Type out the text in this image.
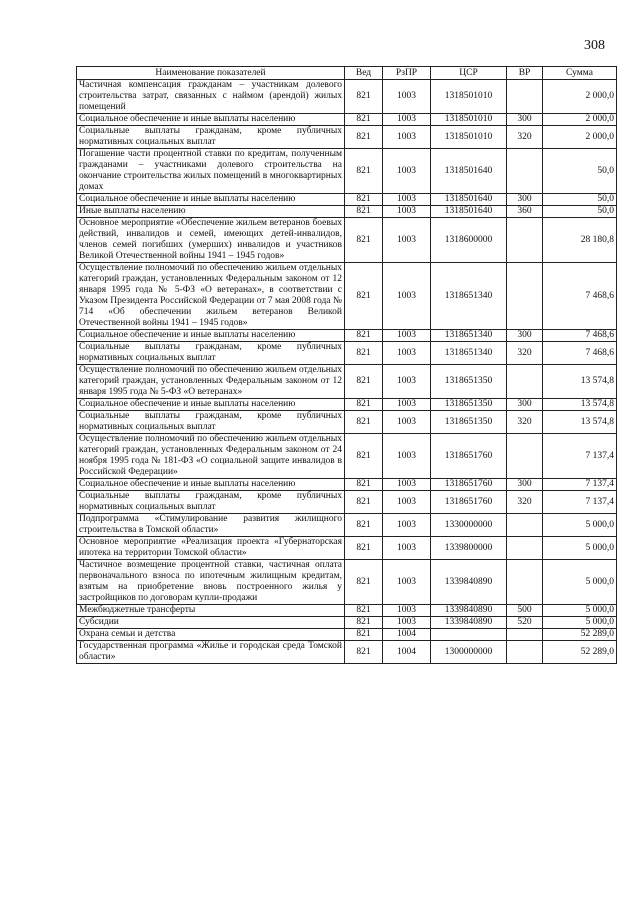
308
Наименование показателей	Вед	РзПР	ЦСР	ВР	Сумма
Частичная компенсация гражданам – участникам долевого строительства затрат, связанных с наймом (арендой) жилых помещений	821	1003	1318501010		2 000,0
Социальное обеспечение и иные выплаты населению	821	1003	1318501010	300	2 000,0
Социальные выплаты гражданам, кроме публичных нормативных социальных выплат	821	1003	1318501010	320	2 000,0
Погашение части процентной ставки по кредитам, полученным гражданами – участниками долевого строительства на окончание строительства жилых помещений в многоквартирных домах	821	1003	1318501640		50,0
Социальное обеспечение и иные выплаты населению	821	1003	1318501640	300	50,0
Иные выплаты населению	821	1003	1318501640	360	50,0
Основное мероприятие «Обеспечение жильем ветеранов боевых действий, инвалидов и семей, имеющих детей-инвалидов, членов семей погибших (умерших) инвалидов и участников Великой Отечественной войны 1941 – 1945 годов»	821	1003	1318600000		28 180,8
Осуществление полномочий по обеспечению жильем отдельных категорий граждан, установленных Федеральным законом от 12 января 1995 года № 5-ФЗ «О ветеранах», в соответствии с Указом Президента Российской Федерации от 7 мая 2008 года № 714 «Об обеспечении жильем ветеранов Великой Отечественной войны 1941 – 1945 годов»	821	1003	1318651340		7 468,6
Социальное обеспечение и иные выплаты населению	821	1003	1318651340	300	7 468,6
Социальные выплаты гражданам, кроме публичных нормативных социальных выплат	821	1003	1318651340	320	7 468,6
Осуществление полномочий по обеспечению жильем отдельных категорий граждан, установленных Федеральным законом от 12 января 1995 года № 5-ФЗ «О ветеранах»	821	1003	1318651350		13 574,8
Социальное обеспечение и иные выплаты населению	821	1003	1318651350	300	13 574,8
Социальные выплаты гражданам, кроме публичных нормативных социальных выплат	821	1003	1318651350	320	13 574,8
Осуществление полномочий по обеспечению жильем отдельных категорий граждан, установленных Федеральным законом от 24 ноября 1995 года № 181-ФЗ «О социальной защите инвалидов в Российской Федерации»	821	1003	1318651760		7 137,4
Социальное обеспечение и иные выплаты населению	821	1003	1318651760	300	7 137,4
Социальные выплаты гражданам, кроме публичных нормативных социальных выплат	821	1003	1318651760	320	7 137,4
Подпрограмма «Стимулирование развития жилищного строительства в Томской области»	821	1003	1330000000		5 000,0
Основное мероприятие «Реализация проекта «Губернаторская ипотека на территории Томской области»	821	1003	1339800000		5 000,0
Частичное возмещение процентной ставки, частичная оплата первоначального взноса по ипотечным жилищным кредитам, взятым на приобретение вновь построенного жилья у застройщиков по договорам купли-продажи	821	1003	1339840890		5 000,0
Межбюджетные трансферты	821	1003	1339840890	500	5 000,0
Субсидии	821	1003	1339840890	520	5 000,0
Охрана семьи и детства	821	1004			52 289,0
Государственная программа «Жилье и городская среда Томской области»	821	1004	1300000000		52 289,0
